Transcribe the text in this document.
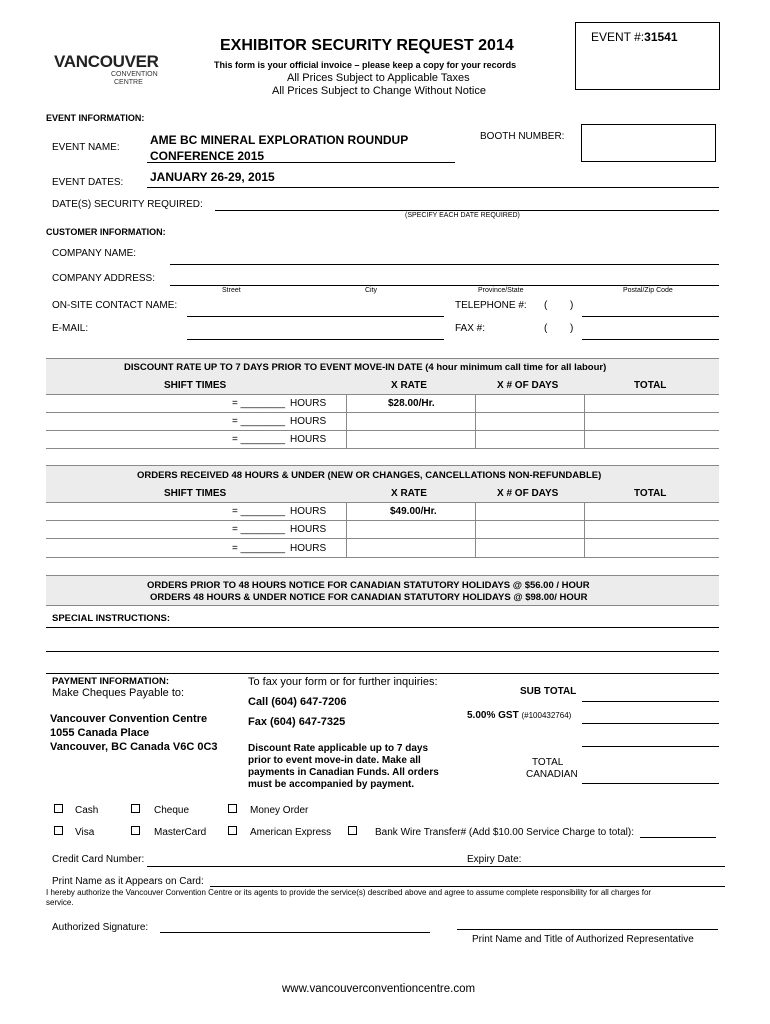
EVENT #:31541
VANCOUVER
CONVENTION
CENTRE
EXHIBITOR SECURITY REQUEST 2014
This form is your official invoice – please keep a copy for your records
All Prices Subject to Applicable Taxes
All Prices Subject to Change Without Notice
EVENT INFORMATION:
EVENT NAME:
AME BC MINERAL EXPLORATION ROUNDUP
CONFERENCE 2015
BOOTH NUMBER:
EVENT DATES: JANUARY 26-29, 2015
DATE(S) SECURITY REQUIRED:
(SPECIFY EACH DATE REQUIRED)
CUSTOMER INFORMATION:
COMPANY NAME:
COMPANY ADDRESS:
Street	City	Province/State	Postal/Zip Code
ON-SITE CONTACT NAME:	TELEPHONE #: ( )
E-MAIL:	FAX #:	( )
DISCOUNT RATE UP TO 7 DAYS PRIOR TO EVENT MOVE-IN DATE (4 hour minimum call time for all labour)
SHIFT TIMES	X RATE	X # OF DAYS	TOTAL
= ________ HOURS	$28.00/Hr.
= ________ HOURS
= ________ HOURS
ORDERS RECEIVED 48 HOURS & UNDER (NEW OR CHANGES, CANCELLATIONS NON-REFUNDABLE)
SHIFT TIMES	X RATE	X # OF DAYS	TOTAL
= ________ HOURS	$49.00/Hr.
= ________ HOURS
= ________ HOURS
ORDERS PRIOR TO 48 HOURS NOTICE FOR CANADIAN STATUTORY HOLIDAYS @ $56.00 / HOUR
ORDERS 48 HOURS & UNDER NOTICE FOR CANADIAN STATUTORY HOLIDAYS @ $98.00/ HOUR
SPECIAL INSTRUCTIONS:
PAYMENT INFORMATION:
Make Cheques Payable to:
Vancouver Convention Centre
1055 Canada Place
Vancouver, BC Canada V6C 0C3
To fax your form or for further inquiries:
Call (604) 647-7206
Fax (604) 647-7325
Discount Rate applicable up to 7 days
prior to event move-in date. Make all
payments in Canadian Funds. All orders
must be accompanied by payment.
SUB TOTAL
5.00% GST (#100432764)
TOTAL
CANADIAN
Cash	Cheque	Money Order
Visa	MasterCard	American Express	Bank Wire Transfer# (Add $10.00 Service Charge to total):
Credit Card Number:	Expiry Date:
Print Name as it Appears on Card:
I hereby authorize the Vancouver Convention Centre or its agents to provide the service(s) described above and agree to assume complete responsibility for all charges for
service.
Authorized Signature:
Print Name and Title of Authorized Representative
www.vancouverconventioncentre.com
